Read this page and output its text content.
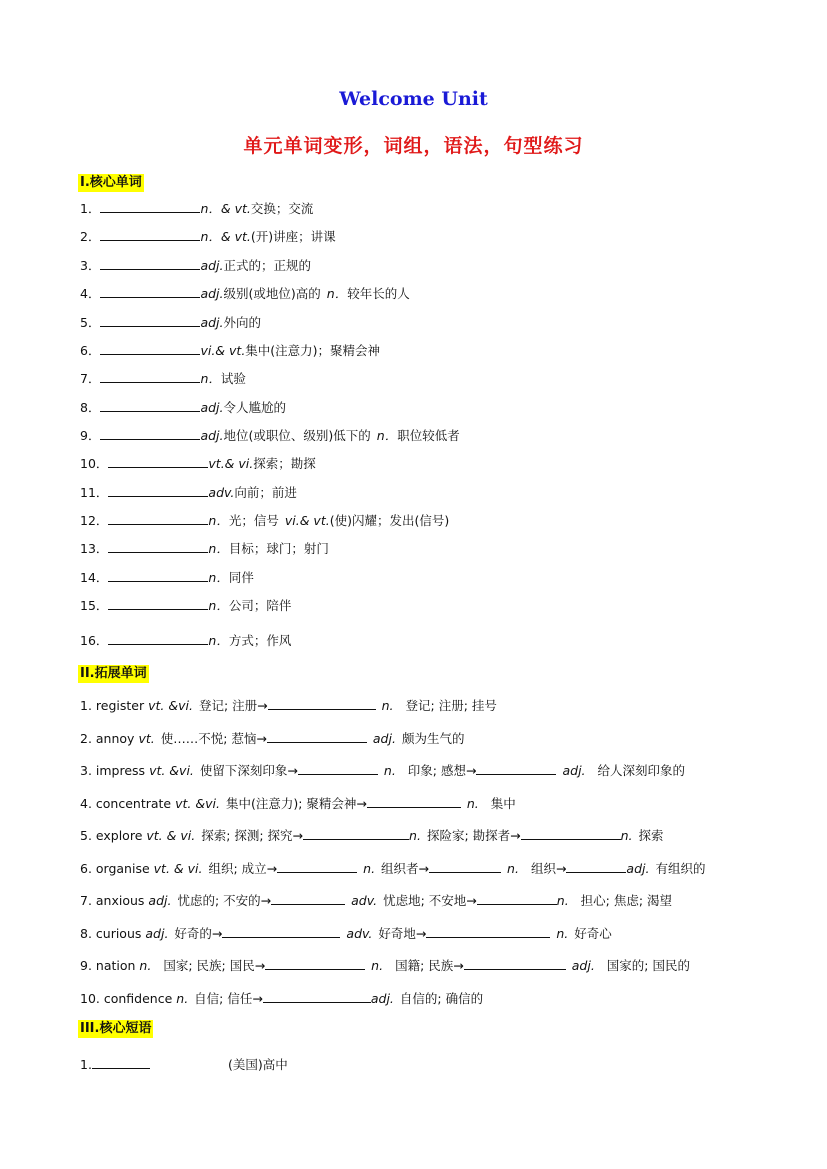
Welcome Unit
单元单词变形，词组，语法，句型练习
I.核心单词
1．	n．& vt.交换；交流
2．	n．& vt.(开)讲座；讲课
3．	adj.正式的；正规的
4．	adj.级别(或地位)高的 n．较年长的人
5．	adj.外向的
6．	vi.& vt.集中(注意力)；聚精会神
7．	n．试验
8．	adj.令人尴尬的
9．	adj.地位(或职位、级别)低下的 n．职位较低者
10．	vt.& vi.探索；勘探
11．	adv.向前；前进
12．	n．光；信号 vi.& vt.(使)闪耀；发出(信号)
13．	n．目标；球门；射门
14．	n．同伴
15．	n．公司；陪伴
16．	n．方式；作风
II.拓展单词
1. register vt. &vi. 登记; 注册→	n. 登记; 注册; 挂号
2. annoy vt. 使……不悦; 惹恼→	adj. 颇为生气的
3. impress vt. &vi. 使留下深刻印象→	n. 印象; 感想→	adj. 给人深刻印象的
4. concentrate vt. &vi. 集中(注意力); 聚精会神→	n. 集中
5. explore vt. & vi. 探索; 探测; 探究→	n. 探险家; 勘探者→	n. 探索
6. organise vt. & vi. 组织; 成立→	n. 组织者→	n. 组织→	adj. 有组织的
7. anxious adj. 忧虑的; 不安的→	adv. 忧虑地; 不安地→	n. 担心; 焦虑; 渴望
8. curious adj. 好奇的→	adv. 好奇地→	n. 好奇心
9. nation n. 国家; 民族; 国民→	n. 国籍; 民族→	adj. 国家的; 国民的
10. confidence n. 自信; 信任→	adj. 自信的; 确信的
III.核心短语
1.	(美国)高中
